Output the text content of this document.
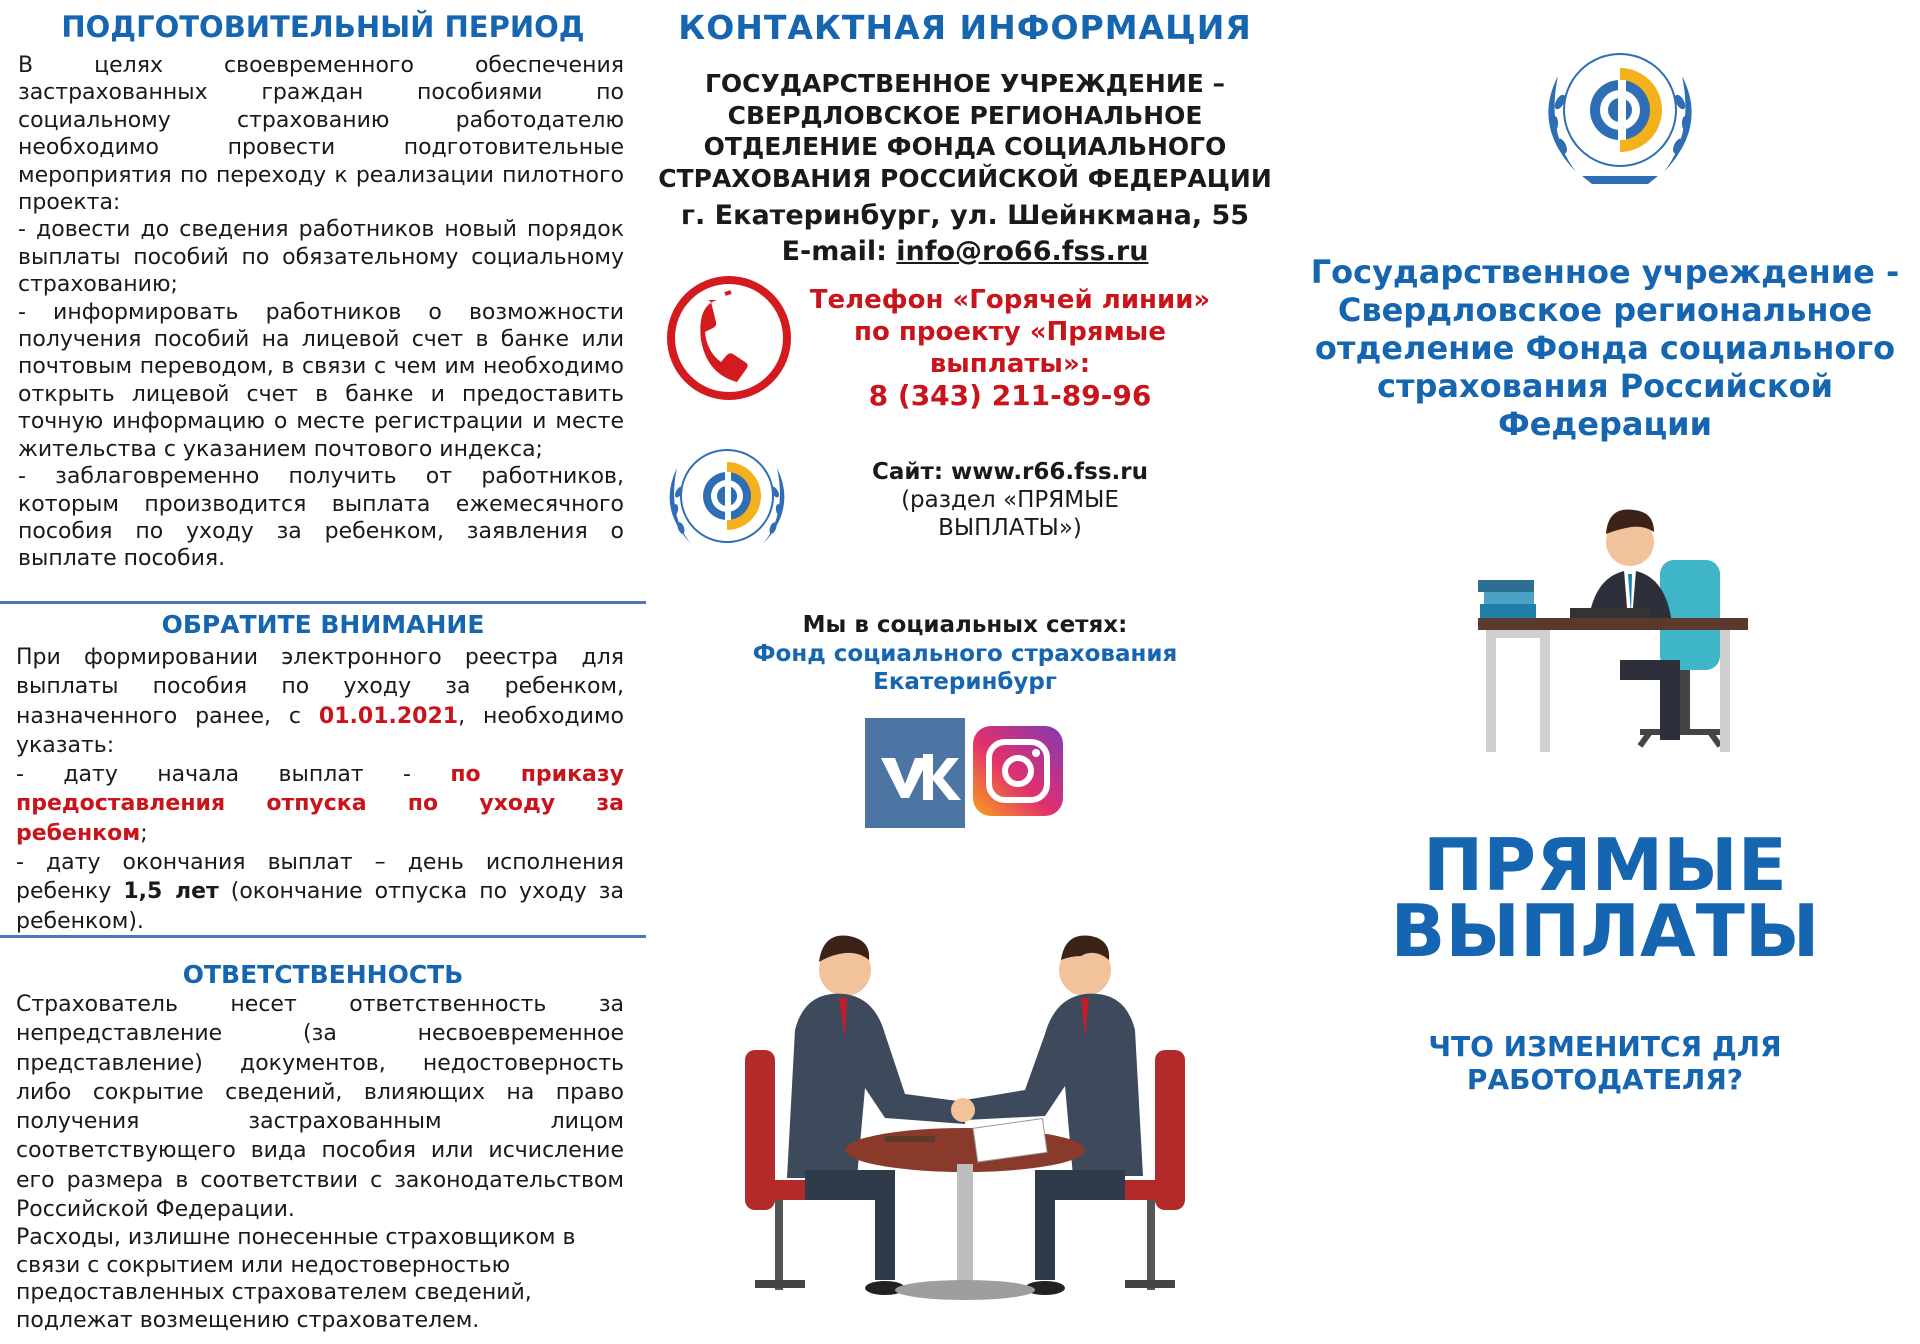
ПОДГОТОВИТЕЛЬНЫЙ ПЕРИОД
В целях своевременного обеспечения застрахованных граждан пособиями по социальному страхованию работодателю необходимо провести подготовительные мероприятия по переходу к реализации пилотного проекта:
- довести до сведения работников новый порядок выплаты пособий по обязательному социальному страхованию;
- информировать работников о возможности получения пособий на лицевой счет в банке или почтовым переводом, в связи с чем им необходимо открыть лицевой счет в банке и предоставить точную информацию о месте регистрации и месте жительства с указанием почтового индекса;
- заблаговременно получить от работников, которым производится выплата ежемесячного пособия по уходу за ребенком, заявления о выплате пособия.
ОБРАТИТЕ ВНИМАНИЕ
При формировании электронного реестра для выплаты пособия по уходу за ребенком, назначенного ранее, с 01.01.2021, необходимо указать:
- дату начала выплат - по приказу предоставления отпуска по уходу за ребенком;
- дату окончания выплат – день исполнения ребенку 1,5 лет (окончание отпуска по уходу за ребенком).
ОТВЕТСТВЕННОСТЬ
Страхователь несет ответственность за непредставление (за несвоевременное представление) документов, недостоверность либо сокрытие сведений, влияющих на право получения застрахованным лицом соответствующего вида пособия или исчисление его размера в соответствии с законодательством Российской Федерации.
Расходы, излишне понесенные страховщиком в связи с сокрытием или недостоверностью предоставленных страхователем сведений, подлежат возмещению страхователем.
КОНТАКТНАЯ ИНФОРМАЦИЯ
ГОСУДАРСТВЕННОЕ УЧРЕЖДЕНИЕ –
СВЕРДЛОВСКОЕ РЕГИОНАЛЬНОЕ
ОТДЕЛЕНИЕ ФОНДА СОЦИАЛЬНОГО
СТРАХОВАНИЯ РОССИЙСКОЙ ФЕДЕРАЦИИ
г. Екатеринбург, ул. Шейнкмана, 55
E-mail: info@ro66.fss.ru
Телефон «Горячей линии»
по проекту «Прямые
выплаты»:
8 (343) 211-89-96
Сайт: www.r66.fss.ru
(раздел «ПРЯМЫЕ
ВЫПЛАТЫ»)
Мы в социальных сетях:
Фонд социального страхования
Екатеринбург
Государственное учреждение -
Свердловское региональное
отделение Фонда социального
страхования Российской
Федерации
ПРЯМЫЕ
ВЫПЛАТЫ
ЧТО ИЗМЕНИТСЯ ДЛЯ
РАБОТОДАТЕЛЯ?
